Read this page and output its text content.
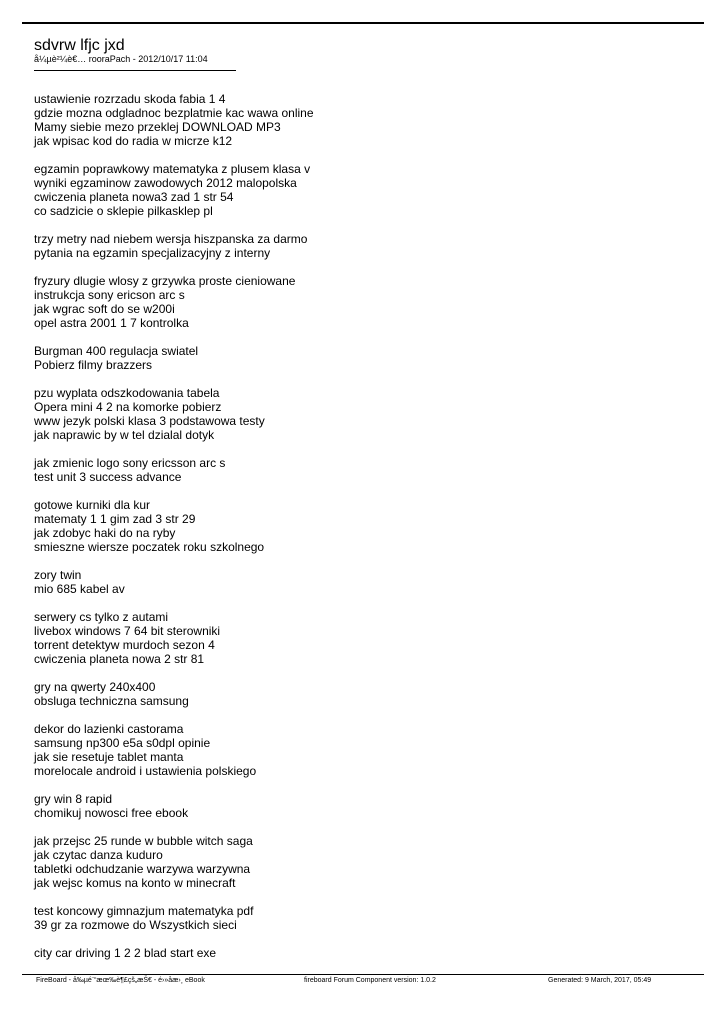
sdvrw lfjc jxd
å¼µè²¼è€… rooraPach - 2012/10/17 11:04
ustawienie rozrzadu skoda fabia 1 4
gdzie mozna odgladnoc bezplatmie kac wawa online
Mamy siebie mezo przeklej DOWNLOAD MP3
jak wpisac kod do radia w micrze k12
egzamin poprawkowy matematyka z plusem klasa v
wyniki egzaminow zawodowych 2012 malopolska
cwiczenia planeta nowa3 zad 1 str 54
co sadzicie o sklepie pilkasklep pl
trzy metry nad niebem wersja hiszpanska za darmo
pytania na egzamin specjalizacyjny z interny
fryzury dlugie wlosy z grzywka proste cieniowane
instrukcja sony ericson arc s
jak wgrac soft do se w200i
opel astra 2001 1 7 kontrolka
Burgman 400 regulacja swiatel
Pobierz filmy brazzers
pzu wyplata odszkodowania tabela
Opera mini 4 2 na komorke pobierz
www jezyk polski klasa 3 podstawowa testy
jak naprawic by w tel dzialal dotyk
jak zmienic logo sony ericsson arc s
test unit 3 success advance
gotowe kurniki dla kur
matematy 1 1 gim zad 3 str 29
jak zdobyc haki do na ryby
smieszne wiersze poczatek roku szkolnego
zory twin
mio 685 kabel av
serwery cs tylko z autami
livebox windows 7 64 bit sterowniki
torrent detektyw murdoch sezon 4
cwiczenia planeta nowa 2 str 81
gry na qwerty 240x400
obsluga techniczna samsung
dekor do lazienki castorama
samsung np300 e5a s0dpl opinie
jak sie resetuje tablet manta
morelocale android i ustawienia polskiego
gry win 8 rapid
chomikuj nowosci free ebook
jak przejsc 25 runde w bubble witch saga
jak czytac danza kuduro
tabletki odchudzanie warzywa warzywna
jak wejsc komus na konto w minecraft
test koncowy gimnazjum matematyka pdf
39 gr za rozmowe do Wszystkich sieci
city car driving 1 2 2 blad start exe
FireBoard - å‰µé¨“æœ‰è¶£çš„æŠ€ - é›»åæ›¸ eBook	fireboard Forum Component version: 1.0.2	Generated: 9 March, 2017, 05:49
